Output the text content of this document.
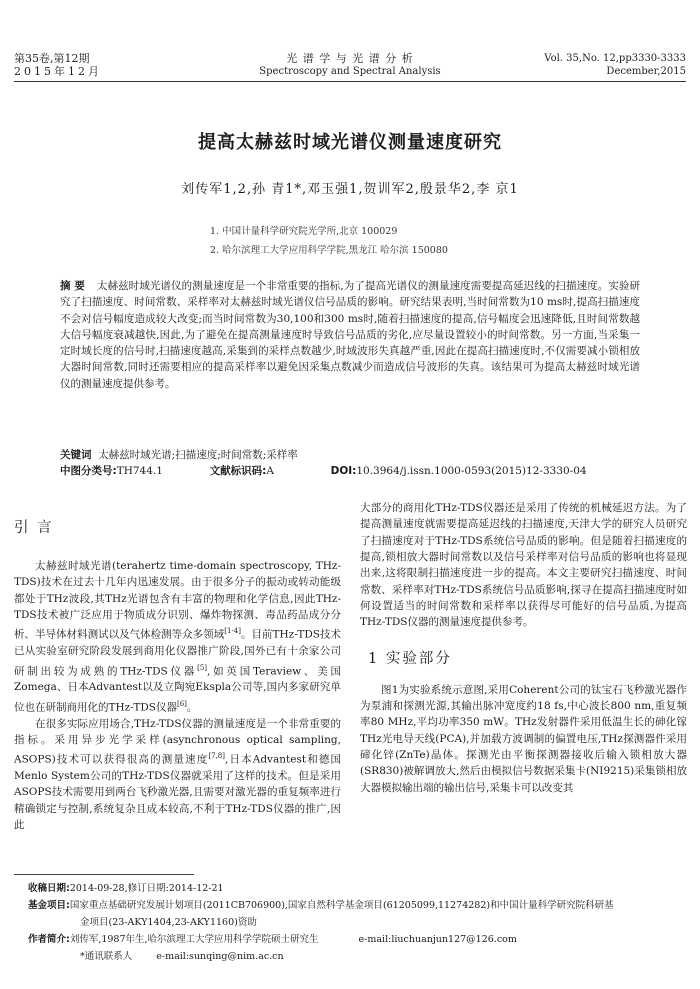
第35卷,第12期
2015年12月
光 谱 学 与 光 谱 分 析
Spectroscopy and Spectral Analysis
Vol. 35,No. 12,pp3330-3333
December,2015
提高太赫兹时域光谱仪测量速度研究
刘传军1,2,孙 青1*,邓玉强1,贺训军2,殷景华2,李 京1
1. 中国计量科学研究院光学所,北京 100029
2. 哈尔滨理工大学应用科学学院,黑龙江 哈尔滨 150080
摘 要 太赫兹时域光谱仪的测量速度是一个非常重要的指标,为了提高光谱仪的测量速度需要提高延迟线的扫描速度。实验研究了扫描速度、时间常数、采样率对太赫兹时域光谱仪信号品质的影响。研究结果表明,当时间常数为10 ms时,提高扫描速度不会对信号幅度造成较大改变;而当时间常数为30,100和300 ms时,随着扫描速度的提高,信号幅度会迅速降低,且时间常数越大信号幅度衰减越快,因此,为了避免在提高测量速度时导致信号品质的劣化,应尽量设置较小的时间常数。另一方面,当采集一定时域长度的信号时,扫描速度越高,采集到的采样点数越少,时域波形失真越严重,因此在提高扫描速度时,不仅需要减小锁相放大器时间常数,同时还需要相应的提高采样率以避免因采集点数减少而造成信号波形的失真。该结果可为提高太赫兹时域光谱仪的测量速度提供参考。
关键词 太赫兹时域光谱;扫描速度;时间常数;采样率
中图分类号:TH744.1	文献标识码:A	DOI:10.3964/j.issn.1000-0593(2015)12-3330-04
引 言

太赫兹时域光谱(terahertz time-domain spectroscopy, THz-TDS)技术在过去十几年内迅速发展。由于很多分子的振动或转动能级都处于THz波段,其THz光谱包含有丰富的物理和化学信息,因此THz-TDS技术被广泛应用于物质成分识别、爆炸物探测、毒品药品成分分析、半导体材料测试以及气体检测等众多领域[1-4]。目前THz-TDS技术已从实验室研究阶段发展到商用化仪器推广阶段,国外已有十余家公司研制出较为成熟的THz-TDS仪器[5],如英国Teraview、美国Zomega、日本Advantest以及立陶宛Ekspla公司等,国内多家研究单位也在研制商用化的THz-TDS仪器[6]。

在很多实际应用场合,THz-TDS仪器的测量速度是一个非常重要的指标。采用异步光学采样(asynchronous optical sampling, ASOPS)技术可以获得很高的测量速度[7,8],日本Advantest和德国Menlo System公司的THz-TDS仪器就采用了这样的技术。但是采用ASOPS技术需要用到两台飞秒激光器,且需要对激光器的重复频率进行精确锁定与控制,系统复杂且成本较高,不利于THz-TDS仪器的推广,因此

大部分的商用化THz-TDS仪器还是采用了传统的机械延迟方法。为了提高测量速度就需要提高延迟线的扫描速度,天津大学的研究人员研究了扫描速度对于THz-TDS系统信号品质的影响。但是随着扫描速度的提高,锁相放大器时间常数以及信号采样率对信号品质的影响也将显现出来,这将限制扫描速度进一步的提高。本文主要研究扫描速度、时间常数、采样率对THz-TDS系统信号品质影响,探寻在提高扫描速度时如何设置适当的时间常数和采样率以获得尽可能好的信号品质,为提高THz-TDS仪器的测量速度提供参考。

1 实验部分

图1为实验系统示意图,采用Coherent公司的钛宝石飞秒激光器作为泵浦和探测光源,其输出脉冲宽度约18 fs,中心波长800 nm,重复频率80 MHz,平均功率350 mW。THz发射器件采用低温生长的砷化镓THz光电导天线(PCA),并加载方波调制的偏置电压,THz探测器件采用碲化锌(ZnTe)晶体。探测光由平衡探测器接收后输入锁相放大器(SR830)被解调放大,然后由模拟信号数据采集卡(NI9215)采集锁相放大器模拟输出端的输出信号,采集卡可以改变其

收稿日期:2014-09-28,修订日期:2014-12-21
基金项目:国家重点基础研究发展计划项目(2011CB706900),国家自然科学基金项目(61205099,11274282)和中国计量科学研究院科研基
金项目(23-AKY1404,23-AKY1160)资助
作者简介:刘传军,1987年生,哈尔滨理工大学应用科学学院硕士研究生	e-mail:liuchuanjun127@126.com
*通讯联系人	e-mail:sunqing@nim.ac.cn
